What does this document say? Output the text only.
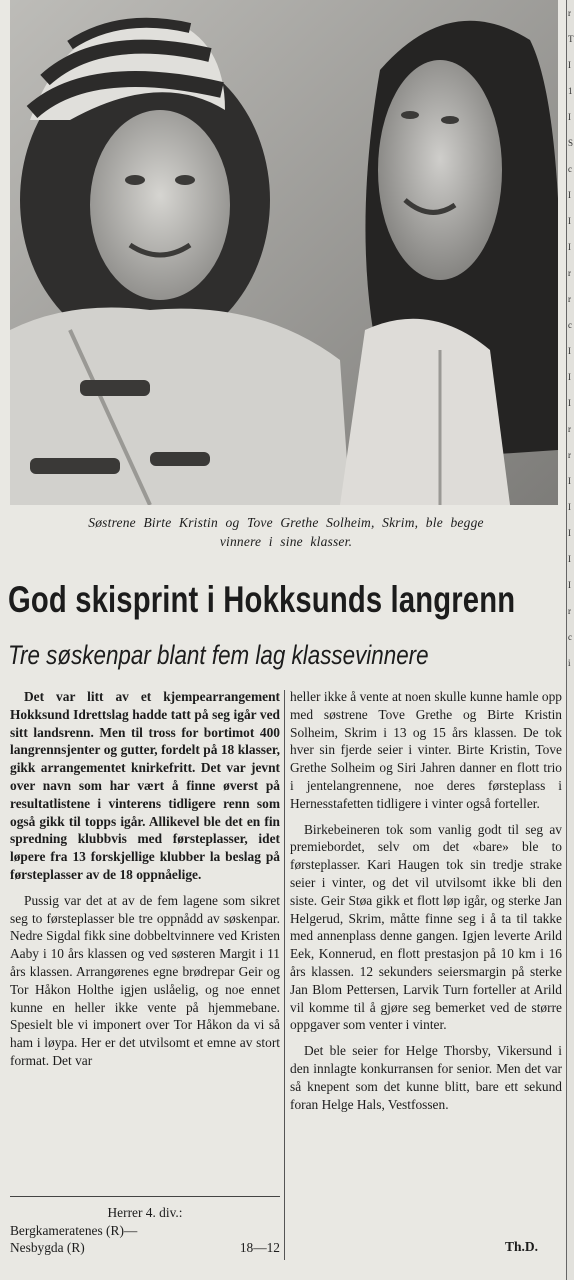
r
T
I
1
I
S
c
I
I
I
r
r
c
I
I
I
r
r
I
I
I
I
I
r
c
i
Søstrene Birte Kristin og Tove Grethe Solheim, Skrim, ble begge
vinnere i sine klasser.
God skisprint i Hokksunds langrenn
Tre søskenpar blant fem lag klassevinnere

Det var litt av et kjempearrangement Hokksund Idrettslag hadde tatt på seg igår ved sitt landsrenn. Men til tross for bortimot 400 langrennsjenter og gutter, fordelt på 18 klasser, gikk arrangementet knirkefritt. Det var jevnt over navn som har vært å finne øverst på resultatlistene i vinterens tidligere renn som også gikk til topps igår. Allikevel ble det en fin spredning klubbvis med førsteplasser, idet løpere fra 13 forskjellige klubber la beslag på førsteplasser av de 18 oppnåelige.

Pussig var det at av de fem lagene som sikret seg to førsteplasser ble tre oppnådd av søskenpar. Nedre Sigdal fikk sine dobbeltvinnere ved Kristen Aaby i 10 års klassen og ved søsteren Margit i 11 års klassen. Arrangørenes egne brødrepar Geir og Tor Håkon Holthe igjen uslåelig, og noe ennet kunne en heller ikke vente på hjemmebane. Spesielt ble vi imponert over Tor Håkon da vi så ham i løypa. Her er det utvilsomt et emne av stort format. Det var

heller ikke å vente at noen skulle kunne hamle opp med søstrene Tove Grethe og Birte Kristin Solheim, Skrim i 13 og 15 års klassen. De tok hver sin fjerde seier i vinter. Birte Kristin, Tove Grethe Solheim og Siri Jahren danner en flott trio i jentelangrennene, noe deres førsteplass i Hernesstafetten tidligere i vinter også forteller.

Birkebeineren tok som vanlig godt til seg av premiebordet, selv om det «bare» ble to førsteplasser. Kari Haugen tok sin tredje strake seier i vinter, og det vil utvilsomt ikke bli den siste. Geir Støa gikk et flott løp igår, og sterke Jan Helgerud, Skrim, måtte finne seg i å ta til takke med annenplass denne gangen. Igjen leverte Arild Eek, Konnerud, en flott prestasjon på 10 km i 16 års klassen. 12 sekunders seiersmargin på sterke Jan Blom Pettersen, Larvik Turn forteller at Arild vil komme til å gjøre seg bemerket ved de større oppgaver som venter i vinter.

Det ble seier for Helge Thorsby, Vikersund i den innlagte konkurransen for senior. Men det var så knepent som det kunne blitt, bare ett sekund foran Helge Hals, Vestfossen.

Th.D.
Herrer 4. div.:
Bergkameratenes (R)—
Nesbygda (R)	18—12
